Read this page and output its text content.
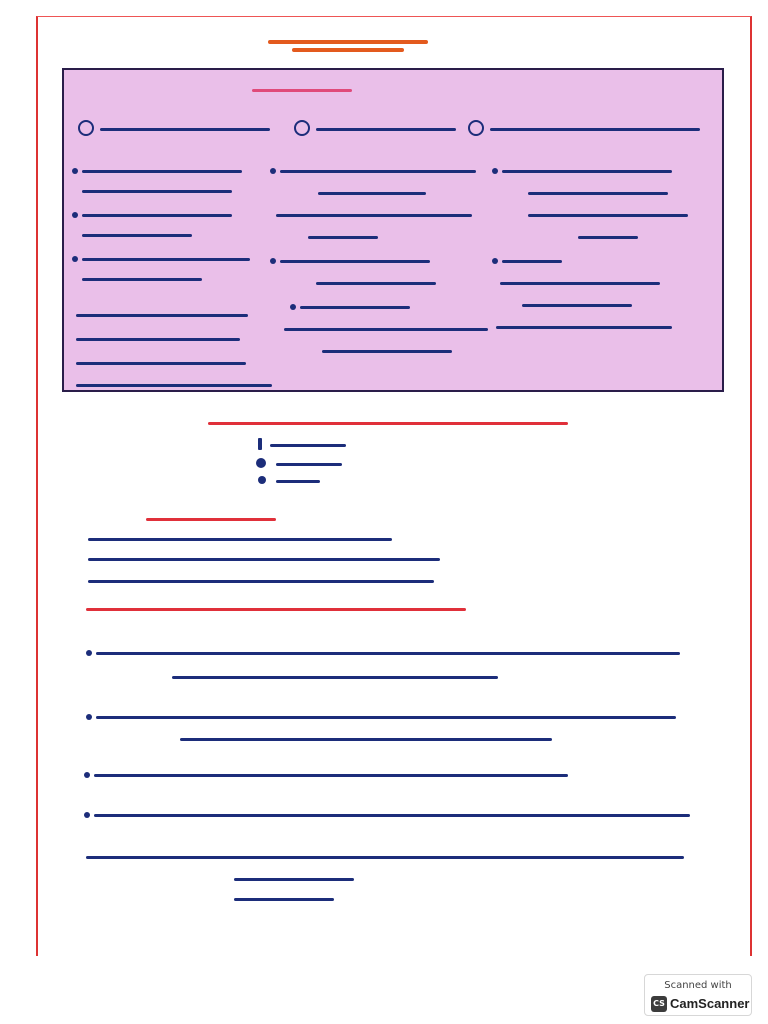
Scanned with
CS CamScanner
